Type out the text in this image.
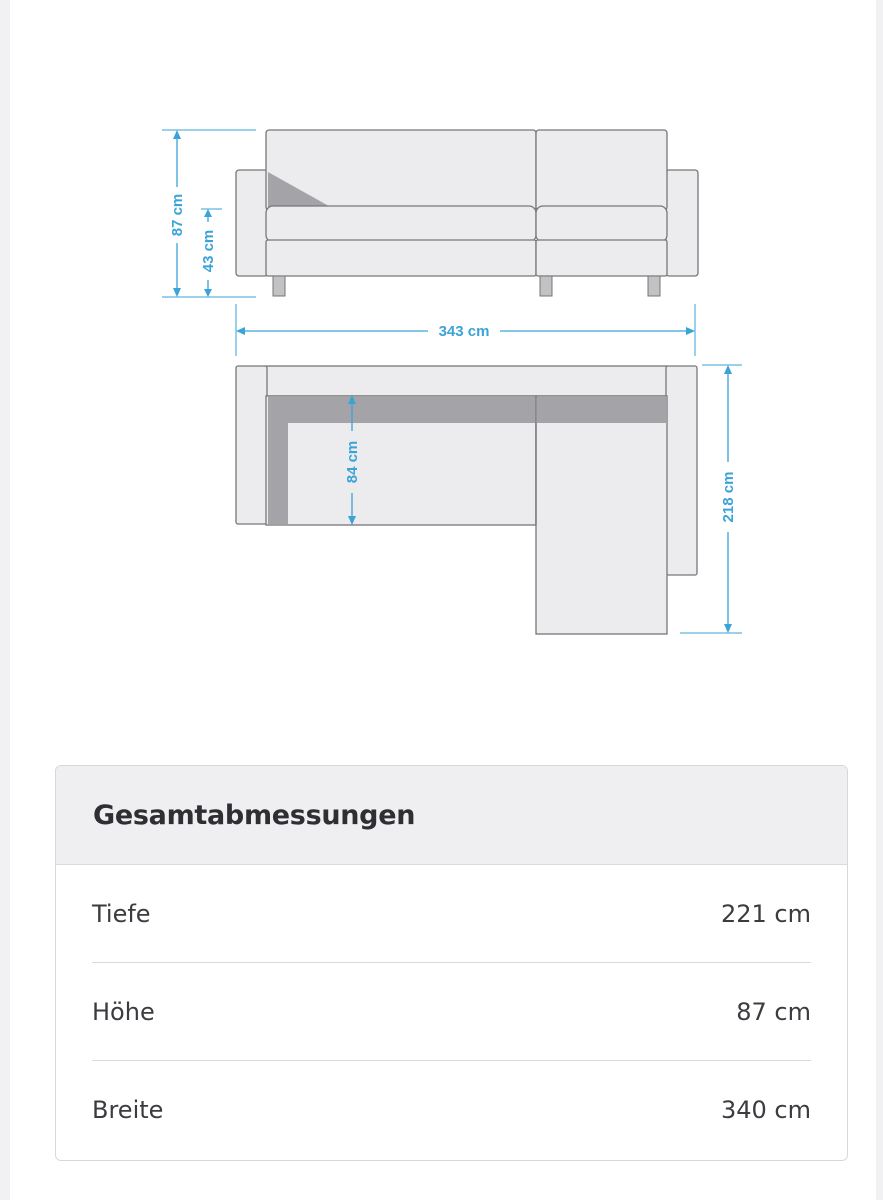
87 cm
43 cm
343 cm
84 cm
218 cm
Gesamtabmessungen
Tiefe	221 cm
Höhe	87 cm
Breite	340 cm
